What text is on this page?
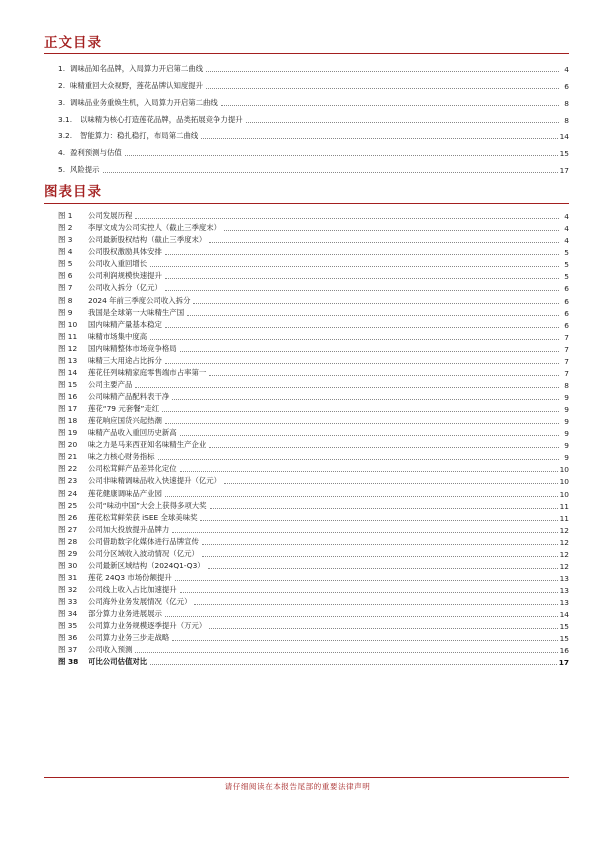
正文目录
1. 调味品知名品牌，入局算力开启第二曲线	4
2. 味精重回大众视野，莲花品牌认知度提升	6
3. 调味品业务重焕生机，入局算力开启第二曲线	8
3.1. 以味精为核心打造莲花品牌，品类拓展竞争力提升	8
3.2. 智能算力：稳扎稳打，布局第二曲线	14
4. 盈利预测与估值	15
5. 风险提示	17
图表目录
图 1 公司发展历程	4
图 2 李厚文成为公司实控人（截止三季度末）	4
图 3 公司最新股权结构（截止三季度末）	4
图 4 公司股权激励具体安排	5
图 5 公司收入重回增长	5
图 6 公司利润规模快速提升	5
图 7 公司收入拆分（亿元）	6
图 8 2024 年前三季度公司收入拆分	6
图 9 我国是全球第一大味精生产国	6
图 10 国内味精产量基本稳定	6
图 11 味精市场集中度高	7
图 12 国内味精整体市场竞争格局	7
图 13 味精三大用途占比拆分	7
图 14 莲花任列味精家庭零售端市占率第一	7
图 15 公司主要产品	8
图 16 公司味精产品配料表干净	9
图 17 莲花“79 元套餐”走红	9
图 18 莲花响应国货兴起热潮	9
图 19 味精产品收入重回历史新高	9
图 20 味之力是马来西亚知名味精生产企业	9
图 21 味之力核心财务指标	9
图 22 公司松茸鲜产品差异化定位	10
图 23 公司非味精调味品收入快速提升（亿元）	10
图 24 莲花健康调味品产业园	10
图 25 公司“味动中国”大会上获得多项大奖	11
图 26 莲花松茸鲜荣获 iSEE 全球美味奖	11
图 27 公司加大投放提升品牌力	12
图 28 公司借助数字化媒体进行品牌宣传	12
图 29 公司分区域收入波动情况（亿元）	12
图 30 公司最新区域结构（2024Q1-Q3）	12
图 31 莲花 24Q3 市场份额提升	13
图 32 公司线上收入占比加速提升	13
图 33 公司海外业务发展情况（亿元）	13
图 34 部分算力业务进展展示	14
图 35 公司算力业务规模逐季提升（万元）	15
图 36 公司算力业务三步走战略	15
图 37 公司收入预测	16
图 38 可比公司估值对比	17
请仔细阅读在本报告尾部的重要法律声明
